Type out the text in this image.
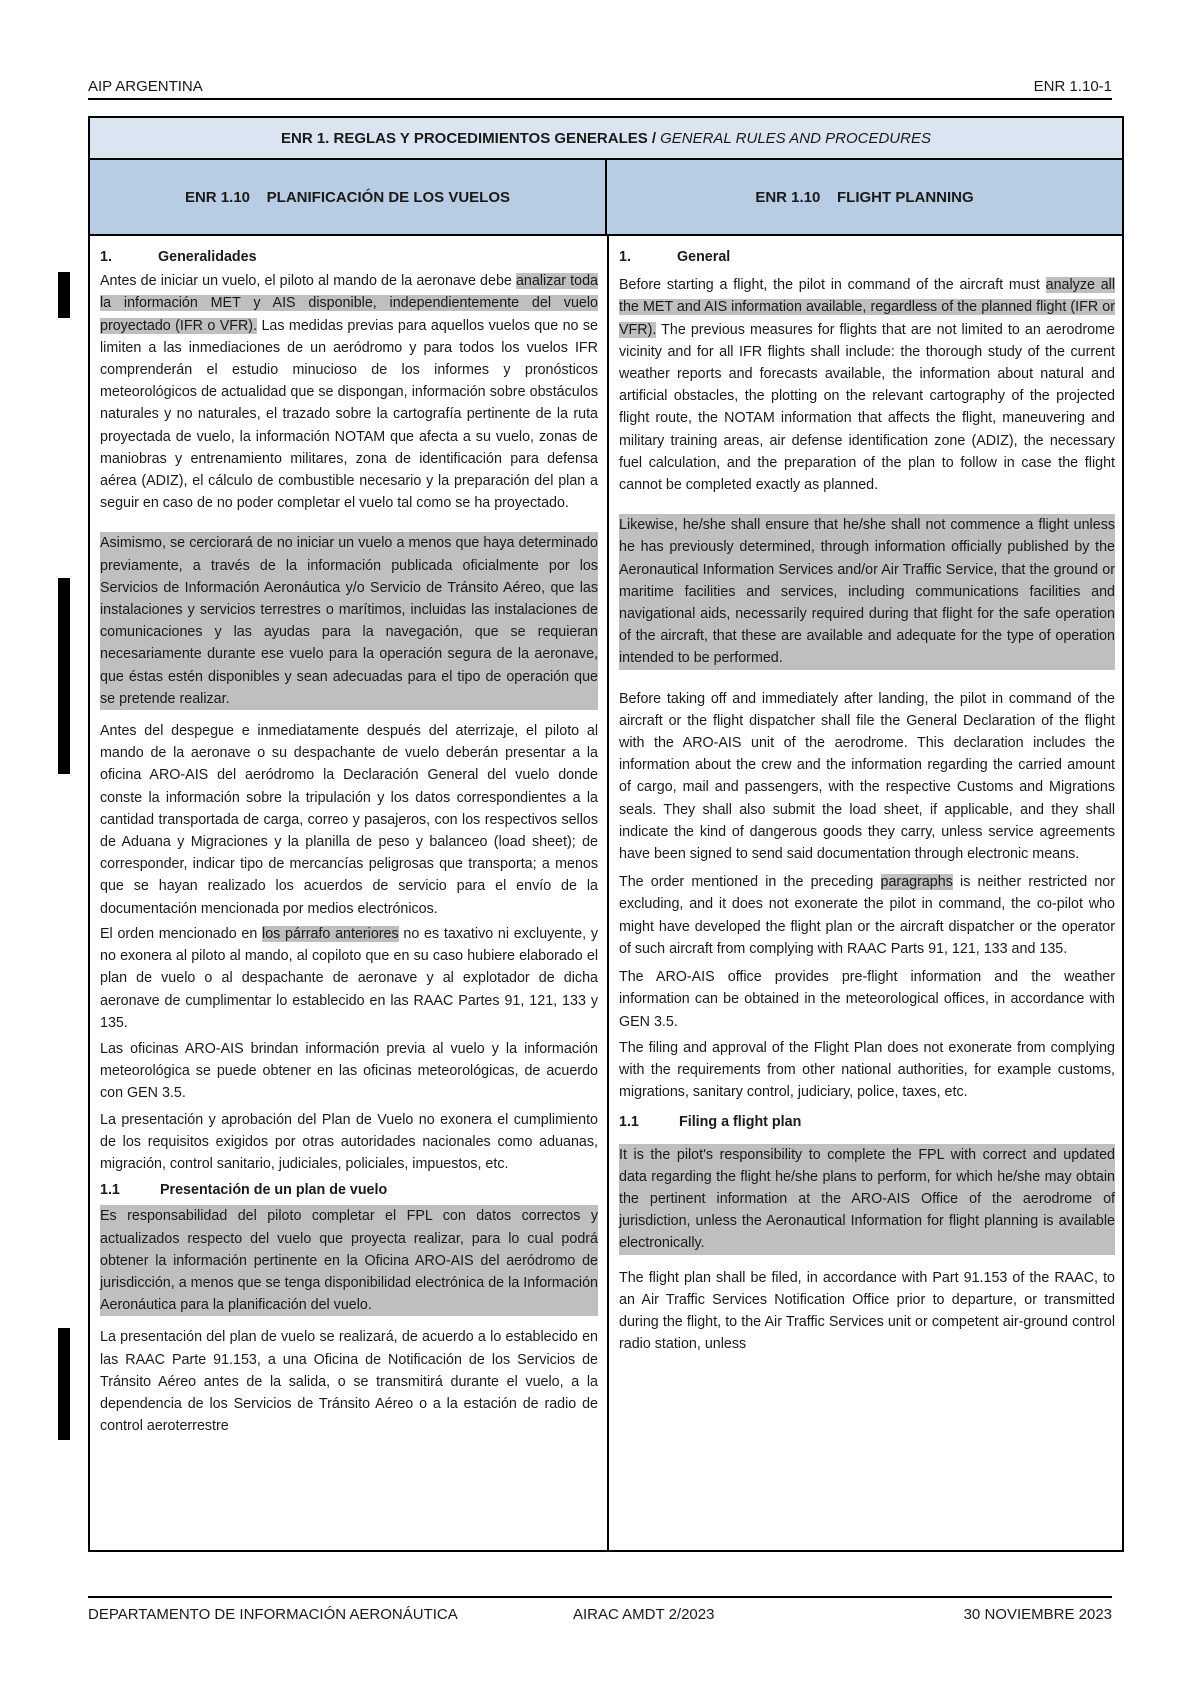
AIP ARGENTINA	ENR 1.10-1
ENR 1. REGLAS Y PROCEDIMIENTOS GENERALES / GENERAL RULES AND PROCEDURES
ENR 1.10    PLANIFICACIÓN DE LOS VUELOS	ENR 1.10    FLIGHT PLANNING
1.	Generalidades

Antes de iniciar un vuelo, el piloto al mando de la aeronave debe analizar toda la información MET y AIS disponible, independientemente del vuelo proyectado (IFR o VFR). Las medidas previas para aquellos vuelos que no se limiten a las inmediaciones de un aeródromo y para todos los vuelos IFR comprenderán el estudio minucioso de los informes y pronósticos meteorológicos de actualidad que se dispongan, información sobre obstáculos naturales y no naturales, el trazado sobre la cartografía pertinente de la ruta proyectada de vuelo, la información NOTAM que afecta a su vuelo, zonas de maniobras y entrenamiento militares, zona de identificación para defensa aérea (ADIZ), el cálculo de combustible necesario y la preparación del plan a seguir en caso de no poder completar el vuelo tal como se ha proyectado.

Asimismo, se cerciorará de no iniciar un vuelo a menos que haya determinado previamente, a través de la información publicada oficialmente por los Servicios de Información Aeronáutica y/o Servicio de Tránsito Aéreo, que las instalaciones y servicios terrestres o marítimos, incluidas las instalaciones de comunicaciones y las ayudas para la navegación, que se requieran necesariamente durante ese vuelo para la operación segura de la aeronave, que éstas estén disponibles y sean adecuadas para el tipo de operación que se pretende realizar.

Antes del despegue e inmediatamente después del aterrizaje, el piloto al mando de la aeronave o su despachante de vuelo deberán presentar a la oficina ARO-AIS del aeródromo la Declaración General del vuelo donde conste la información sobre la tripulación y los datos correspondientes a la cantidad transportada de carga, correo y pasajeros, con los respectivos sellos de Aduana y Migraciones y la planilla de peso y balanceo (load sheet); de corresponder, indicar tipo de mercancías peligrosas que transporta; a menos que se hayan realizado los acuerdos de servicio para el envío de la documentación mencionada por medios electrónicos.

El orden mencionado en los párrafo anteriores no es taxativo ni excluyente, y no exonera al piloto al mando, al copiloto que en su caso hubiere elaborado el plan de vuelo o al despachante de aeronave y al explotador de dicha aeronave de cumplimentar lo establecido en las RAAC Partes 91, 121, 133 y 135.

Las oficinas ARO-AIS brindan información previa al vuelo y la información meteorológica se puede obtener en las oficinas meteorológicas, de acuerdo con GEN 3.5.

La presentación y aprobación del Plan de Vuelo no exonera el cumplimiento de los requisitos exigidos por otras autoridades nacionales como aduanas, migración, control sanitario, judiciales, policiales, impuestos, etc.

1.1	Presentación de un plan de vuelo

Es responsabilidad del piloto completar el FPL con datos correctos y actualizados respecto del vuelo que proyecta realizar, para lo cual podrá obtener la información pertinente en la Oficina ARO-AIS del aeródromo de jurisdicción, a menos que se tenga disponibilidad electrónica de la Información Aeronáutica para la planificación del vuelo.

La presentación del plan de vuelo se realizará, de acuerdo a lo establecido en las RAAC Parte 91.153, a una Oficina de Notificación de los Servicios de Tránsito Aéreo antes de la salida, o se transmitirá durante el vuelo, a la dependencia de los Servicios de Tránsito Aéreo o a la estación de radio de control aeroterrestre

1.	General

Before starting a flight, the pilot in command of the aircraft must analyze all the MET and AIS information available, regardless of the planned flight (IFR or VFR). The previous measures for flights that are not limited to an aerodrome vicinity and for all IFR flights shall include: the thorough study of the current weather reports and forecasts available, the information about natural and artificial obstacles, the plotting on the relevant cartography of the projected flight route, the NOTAM information that affects the flight, maneuvering and military training areas, air defense identification zone (ADIZ), the necessary fuel calculation, and the preparation of the plan to follow in case the flight cannot be completed exactly as planned.

Likewise, he/she shall ensure that he/she shall not commence a flight unless he has previously determined, through information officially published by the Aeronautical Information Services and/or Air Traffic Service, that the ground or maritime facilities and services, including communications facilities and navigational aids, necessarily required during that flight for the safe operation of the aircraft, that these are available and adequate for the type of operation intended to be performed.

Before taking off and immediately after landing, the pilot in command of the aircraft or the flight dispatcher shall file the General Declaration of the flight with the ARO-AIS unit of the aerodrome. This declaration includes the information about the crew and the information regarding the carried amount of cargo, mail and passengers, with the respective Customs and Migrations seals. They shall also submit the load sheet, if applicable, and they shall indicate the kind of dangerous goods they carry, unless service agreements have been signed to send said documentation through electronic means.

The order mentioned in the preceding paragraphs is neither restricted nor excluding, and it does not exonerate the pilot in command, the co-pilot who might have developed the flight plan or the aircraft dispatcher or the operator of such aircraft from complying with RAAC Parts 91, 121, 133 and 135.

The ARO-AIS office provides pre-flight information and the weather information can be obtained in the meteorological offices, in accordance with GEN 3.5.

The filing and approval of the Flight Plan does not exonerate from complying with the requirements from other national authorities, for example customs, migrations, sanitary control, judiciary, police, taxes, etc.

1.1	Filing a flight plan

It is the pilot's responsibility to complete the FPL with correct and updated data regarding the flight he/she plans to perform, for which he/she may obtain the pertinent information at the ARO-AIS Office of the aerodrome of jurisdiction, unless the Aeronautical Information for flight planning is available electronically.

The flight plan shall be filed, in accordance with Part 91.153 of the RAAC, to an Air Traffic Services Notification Office prior to departure, or transmitted during the flight, to the Air Traffic Services unit or competent air-ground control radio station, unless

DEPARTAMENTO DE INFORMACIÓN AERONÁUTICA	AIRAC AMDT 2/2023	30 NOVIEMBRE 2023
